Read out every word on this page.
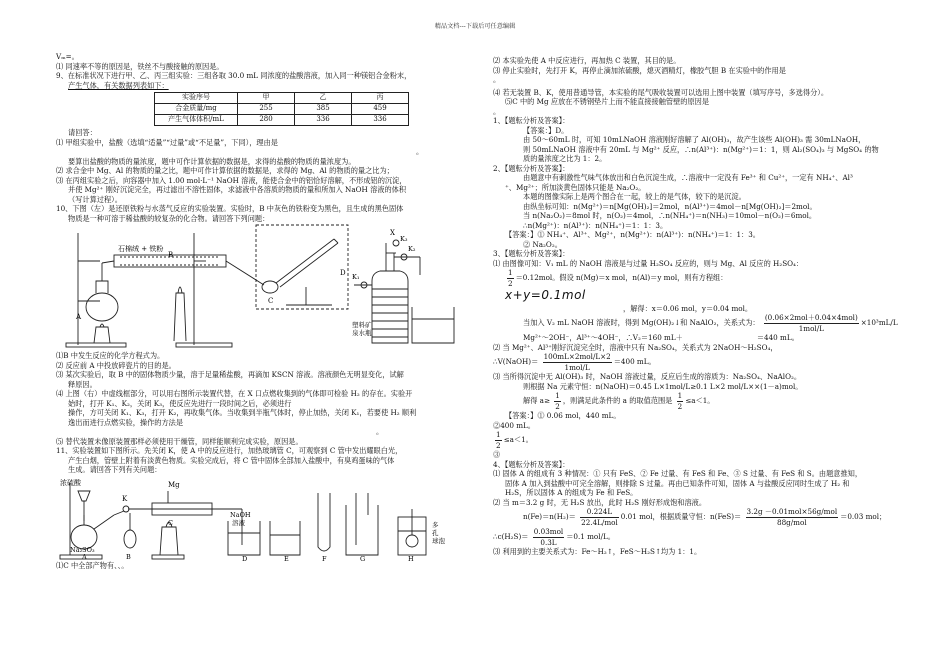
精品文档---下载后可任意编辑

Vₘ=。

⑴ 同速率不等的原因是，铁丝不与酸接触的原因是。

9、在标准状况下进行甲、乙、丙三组实验：三组各取 30.0 mL 同浓度的盐酸溶液，加入同一种镁铝合金粉末，

产生气体，有关数据列表如下：

实验序号	甲	乙	丙
合金质量/mg	255	385	459
产生气体体积/mL	280	336	336

请回答：

⑴ 甲组实验中，盐酸（选填“适量”“过量”或“不足量”，下同），理由是

。

要算出盐酸的物质的量浓度，题中可作计算依据的数据是，求得的盐酸的物质的量浓度为。

⑵ 求合金中 Mg、Al 的物质的量之比，题中可作计算依据的数据是，求得的 Mg、Al 的物质的量之比为；

⑶ 在丙组实验之后，向容器中加入 1.00 mol·L⁻¹ NaOH 溶液，能使合金中的铝恰好溶解，不形成铝的沉淀，

并使 Mg²⁺ 刚好沉淀完全，再过滤出不溶性固体，求滤液中各溶质的物质的量和所加入 NaOH 溶液的体积

（写计算过程）。

10、下图（左）是还原铁粉与水蒸气反应的实验装置。实验时，B 中灰色的铁粉变为黑色，且生成的黑色固体

物质是一种可溶于稀盐酸的较复杂的化合物。请回答下列问题：

石棉绒 + 铁粉
A
B
C
D
X
K₁
K₂
K₃
塑料矿
泉水瓶

⑴B 中发生反应的化学方程式为。

⑵ 反应前 A 中投放碎瓷片的目的是。

⑶ 某次实验后，取 B 中的固体物质少量，溶于足量稀盐酸，再滴加 KSCN 溶液。溶液颜色无明显变化，试解

释原因。

⑷ 上图（右）中虚线框部分，可以用右图所示装置代替，在 X 口点燃收集到的气体即可检验 H₂ 的存在。实验开

始时，打开 K₁、K₂，关闭 K₃，使反应先进行一段时间之后，必须进行

操作，方可关闭 K₁、K₃，打开 K₂，再收集气体。当收集到半瓶气体时，停止加热，关闭 K₁，若要使 H₂ 顺利

逸出而进行点燃实验，操作的方法是

。

⑸ 替代装置未像原装置那样必须使用干燥管，同样能顺利完成实验，原因是。

11、实验装置如下图所示。先关闭 K，使 A 中的反应进行，加热玻璃管 C，可观察到 C 管中发出耀眼白光，

产生白烟，管壁上附着有淡黄色物质。实验完成后，将 C 管中固体全部加入盐酸中，有臭鸡蛋味的气体

生成。请回答下列有关问题：

浓硫酸
K
Mg
Na₂SO₃
NaOH
溶液	多
孔
球泡
A	B
C
D	E	F	G	H

⑴C 中全部产物有、、。

⑵ 本实验先使 A 中反应进行，再加热 C 装置，其目的是。

⑶ 停止实验时，先打开 K，再停止滴加浓硫酸，熄灭酒精灯，橡胶气胆 B 在实验中的作用是

。

⑷ 若无装置 B、K，使用普通导管，本实验的尾气吸收装置可以选用上图中装置（填写序号，多选得分）。

⑸C 中的 Mg 应放在不锈钢垫片上而不能直接接触管壁的原因是

。

1、【题転分析及答案】：

【答案：】D。

由 50～60mL 时，可知 10mLNaOH 溶液刚好溶解了 Al(OH)₃，故产生该些 Al(OH)₃ 需 30mLNaOH，

则 50mLNaOH 溶液中有 20mL 与 Mg²⁺ 反应，∴n(Al³⁺)：n(Mg²⁺)＝1：1，则 Al₂(SO₄)₃ 与 MgSO₄ 的物

质的量浓度之比为 1：2。

2、【题転分析及答案】：

由题意中有刺激性气味气体放出和白色沉淀生成，∴溶液中一定没有 Fe³⁺ 和 Cu²⁺，一定有 NH₄⁺、Al³

⁺、Mg²⁺；所加淡黄色固体只能是 Na₂O₂。

本题的图像实际上是两个图合在一起，较上的是气体，较下的是沉淀。

由纵坐标可知：n(Mg²⁺)＝n[Mg(OH)₂]＝2mol，n(Al³⁺)＝4mol－n[Mg(OH)₂]＝2mol。

当 n(Na₂O₂)＝8mol 时，n(O₂)＝4mol，∴n(NH₄⁺)＝n(NH₃)＝10mol－n(O₂)＝6mol。

∴n(Mg²⁺)：n(Al³⁺)：n(NH₄⁺)＝1：1：3。

【答案：】⓵ NH₄⁺、Al³⁺、Mg²⁺，n(Mg²⁺)：n(Al³⁺)：n(NH₄⁺)＝1：1：3。

⓶ Na₂O₂。

3、【题転分析及答案】：

⑴ 由图像可知：V₁ mL 的 NaOH 溶液是与过量 H₂SO₄ 反应的，则与 Mg、Al 反应的 H₂SO₄：

$\frac{1}{2} =0.12mol$。假设 n(Mg)＝x mol，n(Al)＝y mol，则有方程组：

x+y=0.1mol

，解得：x＝0.06 mol，y＝0.04 mol。

当加入 V₂ mL NaOH 溶液时，得到 Mg(OH)₂↓和 NaAlO₂，关系式为：
(0.06×2mol＋0.04×4mol)
1mol/L
×10³mL/L

Mg²⁺～2OH⁻，Al³⁺～4OH⁻，∴V₂＝160 mL＋	＝440 mL。

⑵ 当 Mg²⁺、Al³⁺刚好沉淀完全时，溶液中只有 Na₂SO₄，关系式为 2NaOH～H₂SO₄，

∴V(NaOH)＝
100mL×2mol/L×2
1mol/L
＝400 mL。

⑶ 当所得沉淀中无 Al(OH)₃ 时，NaOH 溶液过量，反应后生成的溶质为：Na₂SO₄、NaAlO₂。

则根据 Na 元素守恒：n(NaOH)＝0.45 L×1mol/L≥0.1 L×2 mol/L××(1－a)mol。

解得 $a\ge \frac{1}{2}$ ，则满足此条件的 a 的取值范围是 $\frac{1}{2} \le a<1$。

【答案：】⓵ 0.06 mol，440 mL。

⓶400 mL。

$\frac{1}{2} \le a<1$。

⓷

4、【题転分析及答案】：

⑴ 固体 A 的组成有 3 种情况：① 只有 FeS、② Fe 过量、有 FeS 和 Fe、③ S 过量、有 FeS 和 S。由题意推知，

固体 A 加入到盐酸中可完全溶解，则排除 S 过量。再由已知条件可知，固体 A 与盐酸反应同时生成了 H₂ 和

H₂S，所以固体 A 的组成为 Fe 和 FeS。

⑵ 当 m＝3.2 g 时，无 H₂S 放出，此时 H₂S 刚好形成饱和溶液。

n(Fe)＝n(H₂)＝
0.224L
22.4L/mol
0.01 mol，根据质量守恒：n(FeS)＝
3.2g －0.01mol×56g/mol
88g/mol
＝0.03 mol；

∴c(H₂S)＝
0.03mol
0.3L
＝0.1 mol/L。

⑶ 利用到的主要关系式为：Fe～H₂↑，FeS～H₂S↑均为 1：1。
